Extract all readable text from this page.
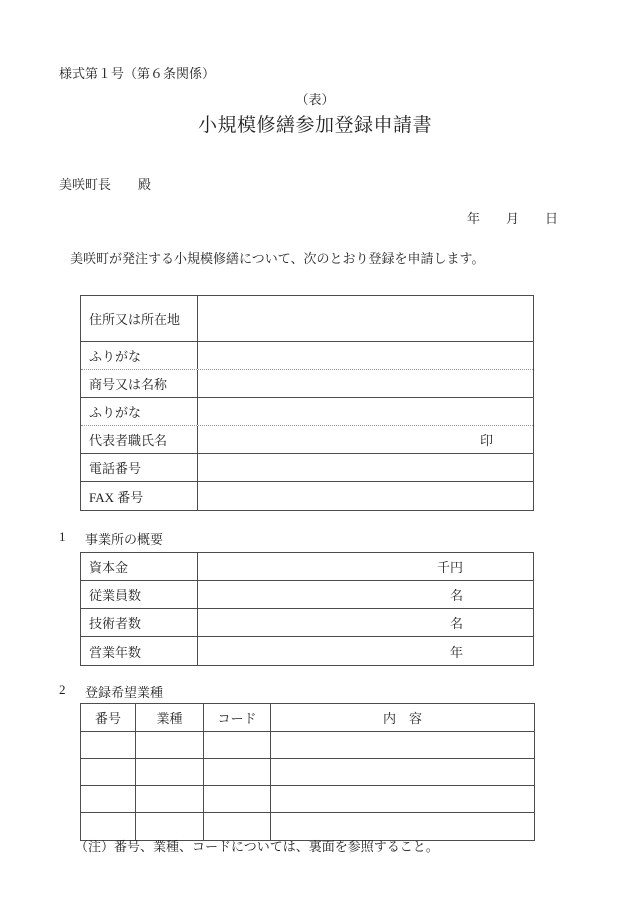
様式第１号（第６条関係）
（表）
小規模修繕参加登録申請書
美咲町長 殿
年　　月　　日

美咲町が発注する小規模修繕について、次のとおり登録を申請します。

住所又は所在地
ふりがな
商号又は名称
ふりがな
代表者職氏名	印
電話番号
FAX 番号
1	事業所の概要
資本金	千円
従業員数	名
技術者数	名
営業年数	年
2	登録希望業種
番号	業種	コード	内　容
（注）番号、業種、コードについては、裏面を参照すること。
